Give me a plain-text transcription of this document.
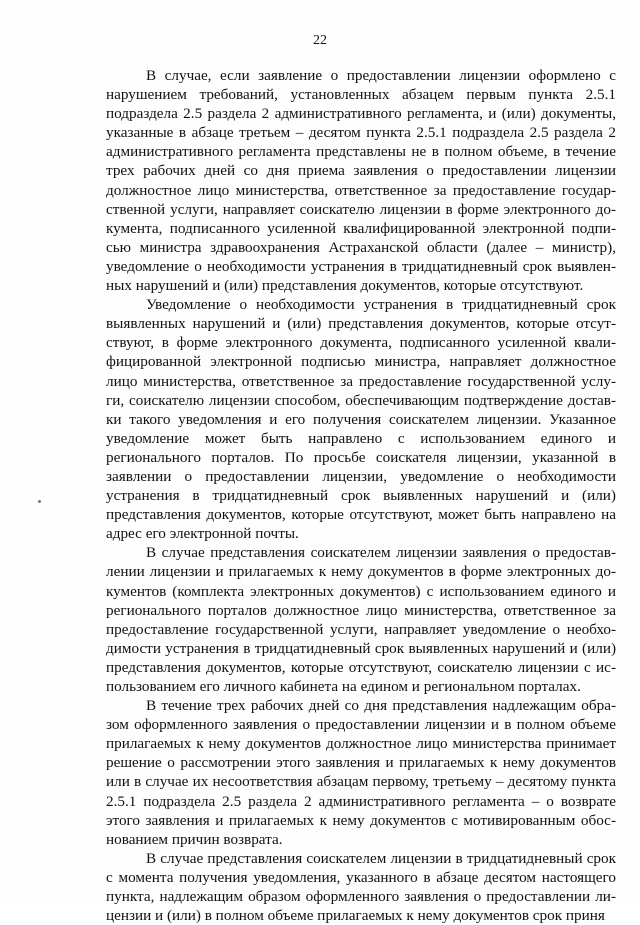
22

В случае, если заявление о предоставлении лицензии оформлено с нарушением требований, установленных абзацем первым пункта 2.5.1 подраздела 2.5 раздела 2 административного регламента, и (или) документы, указанные в абзаце третьем – десятом пункта 2.5.1 подраздела 2.5 раздела 2 административного регламента представлены не в полном объеме, в течение трех рабочих дней со дня приема заявления о предоставлении лицензии должностное лицо министерства, ответственное за предоставление государственной услуги, направляет соискателю лицензии в форме электронного документа, подписанного усиленной квалифицированной электронной подписью министра здравоохранения Астраханской области (далее – министр), уведомление о необходимости устранения в тридцатидневный срок выявленных нарушений и (или) представления документов, которые отсутствуют.

Уведомление о необходимости устранения в тридцатидневный срок выявленных нарушений и (или) представления документов, которые отсутствуют, в форме электронного документа, подписанного усиленной квалифицированной электронной подписью министра, направляет должностное лицо министерства, ответственное за предоставление государственной услуги, соискателю лицензии способом, обеспечивающим подтверждение доставки такого уведомления и его получения соискателем лицензии. Указанное уведомление может быть направлено с использованием единого и регионального порталов. По просьбе соискателя лицензии, указанной в заявлении о предоставлении лицензии, уведомление о необходимости устранения в тридцатидневный срок выявленных нарушений и (или) представления документов, которые отсутствуют, может быть направлено на адрес его электронной почты.

В случае представления соискателем лицензии заявления о предоставлении лицензии и прилагаемых к нему документов в форме электронных документов (комплекта электронных документов) с использованием единого и регионального порталов должностное лицо министерства, ответственное за предоставление государственной услуги, направляет уведомление о необходимости устранения в тридцатидневный срок выявленных нарушений и (или) представления документов, которые отсутствуют, соискателю лицензии с использованием его личного кабинета на едином и региональном порталах.

В течение трех рабочих дней со дня представления надлежащим образом оформленного заявления о предоставлении лицензии и в полном объеме прилагаемых к нему документов должностное лицо министерства принимает решение о рассмотрении этого заявления и прилагаемых к нему документов или в случае их несоответствия абзацам первому, третьему – десятому пункта 2.5.1 подраздела 2.5 раздела 2 административного регламента – о возврате этого заявления и прилагаемых к нему документов с мотивированным обоснованием причин возврата.

В случае представления соискателем лицензии в тридцатидневный срок с момента получения уведомления, указанного в абзаце десятом настоящего пункта, надлежащим образом оформленного заявления о предоставлении лицензии и (или) в полном объеме прилагаемых к нему документов срок приня
